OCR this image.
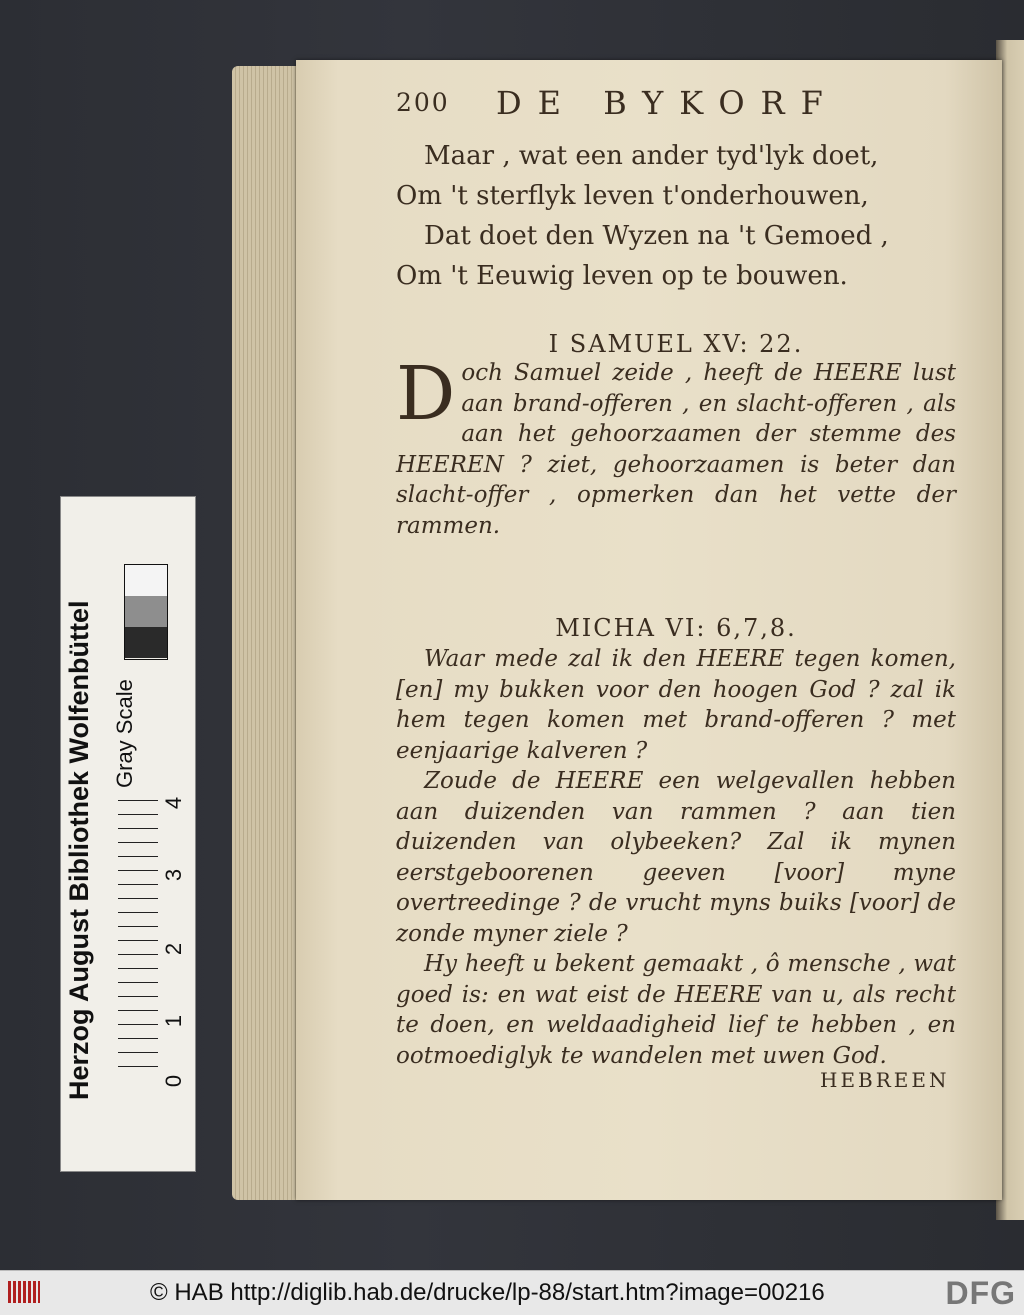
200 DE BYKORF
Maar , wat een ander tyd'lyk doet,
Om 't sterflyk leven t'onderhouwen,
Dat doet den Wyzen na 't Gemoed ,
Om 't Eeuwig leven op te bouwen.
I SAMUEL XV: 22.
D och Samuel zeide , heeft de HEERE lust aan brand-offeren , en slacht-offeren , als aan het gehoorzaamen der stemme des HEEREN ? ziet, gehoorzaamen is beter dan slacht-offer , opmerken dan het vette der rammen.
MICHA VI: 6,7,8.

Waar mede zal ik den HEERE tegen komen, [en] my bukken voor den hoogen God ? zal ik hem tegen komen met brand-offeren ? met eenjaarige kalveren ?

Zoude de HEERE een welgevallen hebben aan duizenden van rammen ? aan tien duizenden van olybeeken? Zal ik mynen eerstgeboorenen geeven [voor] myne overtreedinge ? de vrucht myns buiks [voor] de zonde myner ziele ?

Hy heeft u bekent gemaakt , ô mensche , wat goed is: en wat eist de HEERE van u, als recht te doen, en weldaadigheid lief te hebben , en ootmoediglyk te wandelen met uwen God.

HEBREEN
Herzog August Bibliothek Wolfenbüttel Gray Scale
0
1
2
3
4
© HAB http://diglib.hab.de/drucke/lp-88/start.htm?image=00216	DFG
